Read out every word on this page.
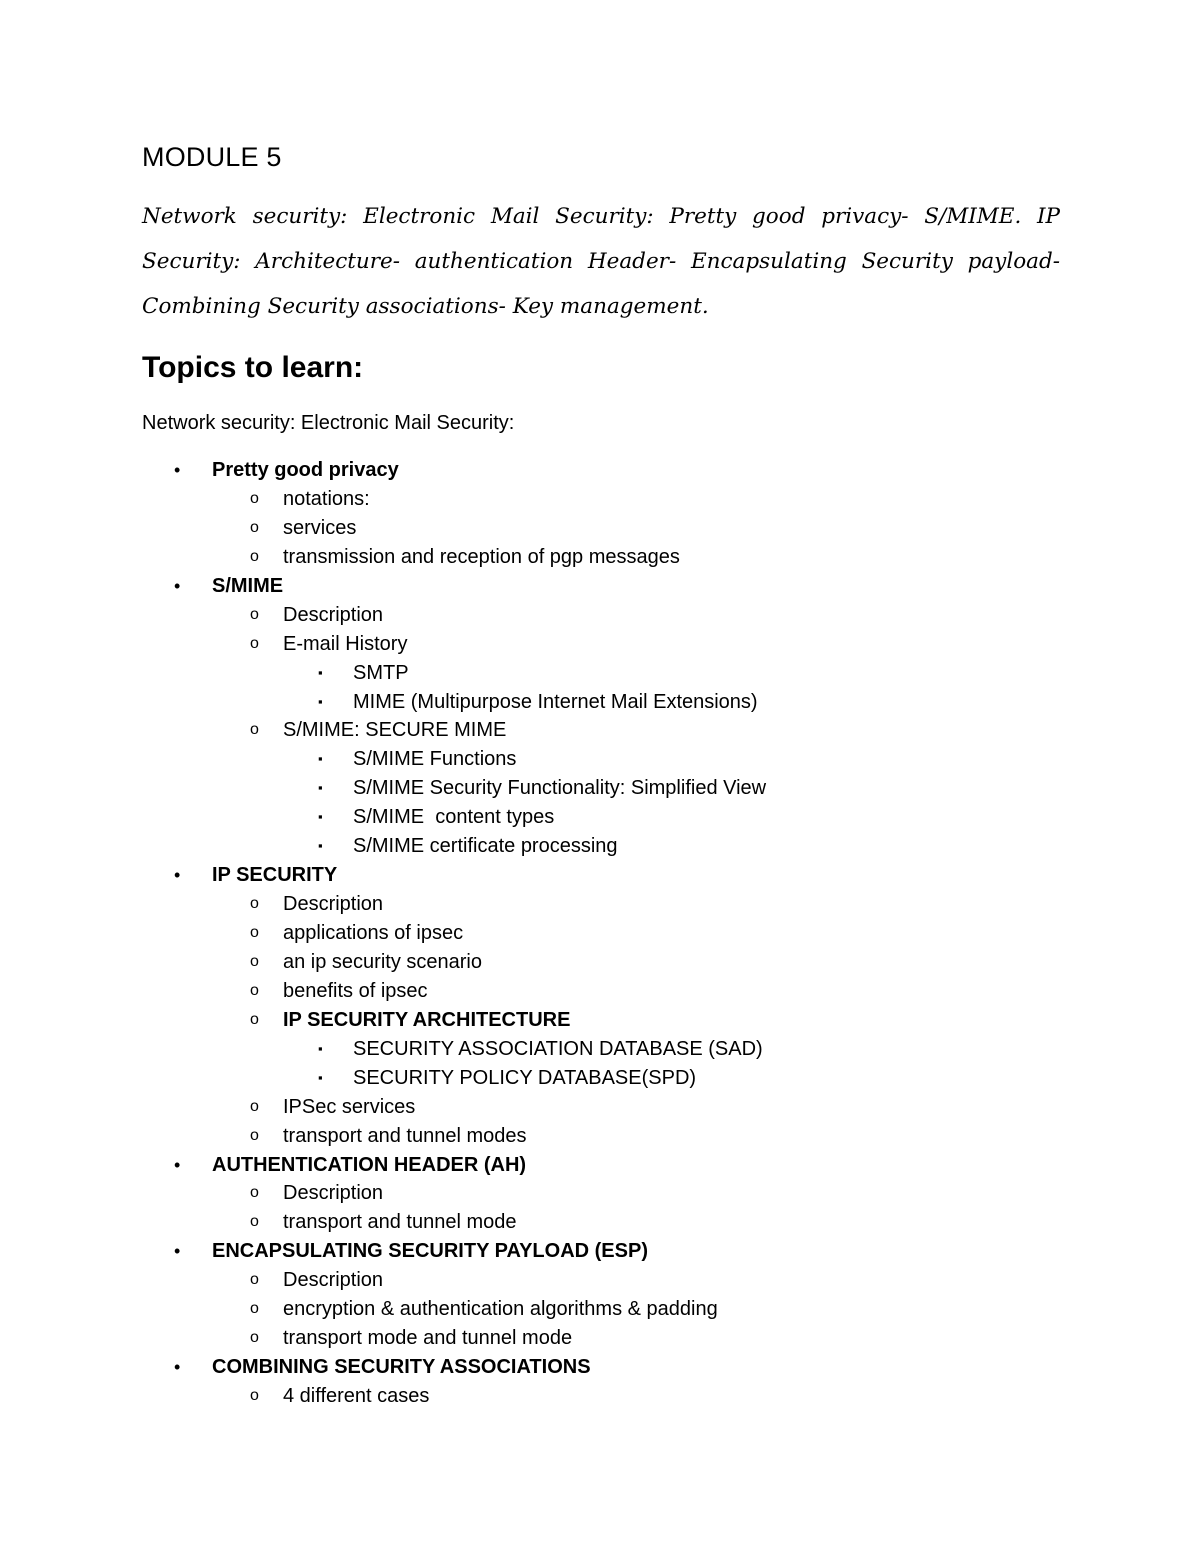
MODULE 5

Network security: Electronic Mail Security: Pretty good privacy- S/MIME. IP Security: Architecture- authentication Header- Encapsulating Security payload- Combining Security associations- Key management.

Topics to learn:
Network security: Electronic Mail Security:
• Pretty good privacy
o notations:
o services
o transmission and reception of pgp messages
• S/MIME
o Description
o E-mail History
▪ SMTP
▪ MIME (Multipurpose Internet Mail Extensions)
o S/MIME: SECURE MIME
▪ S/MIME Functions
▪ S/MIME Security Functionality: Simplified View
▪ S/MIME  content types
▪ S/MIME certificate processing
• IP SECURITY
o Description
o applications of ipsec
o an ip security scenario
o benefits of ipsec
o IP SECURITY ARCHITECTURE
▪ SECURITY ASSOCIATION DATABASE (SAD)
▪ SECURITY POLICY DATABASE(SPD)
o IPSec services
o transport and tunnel modes
• AUTHENTICATION HEADER (AH)
o Description
o transport and tunnel mode
• ENCAPSULATING SECURITY PAYLOAD (ESP)
o Description
o encryption & authentication algorithms & padding
o transport mode and tunnel mode
• COMBINING SECURITY ASSOCIATIONS
o 4 different cases
